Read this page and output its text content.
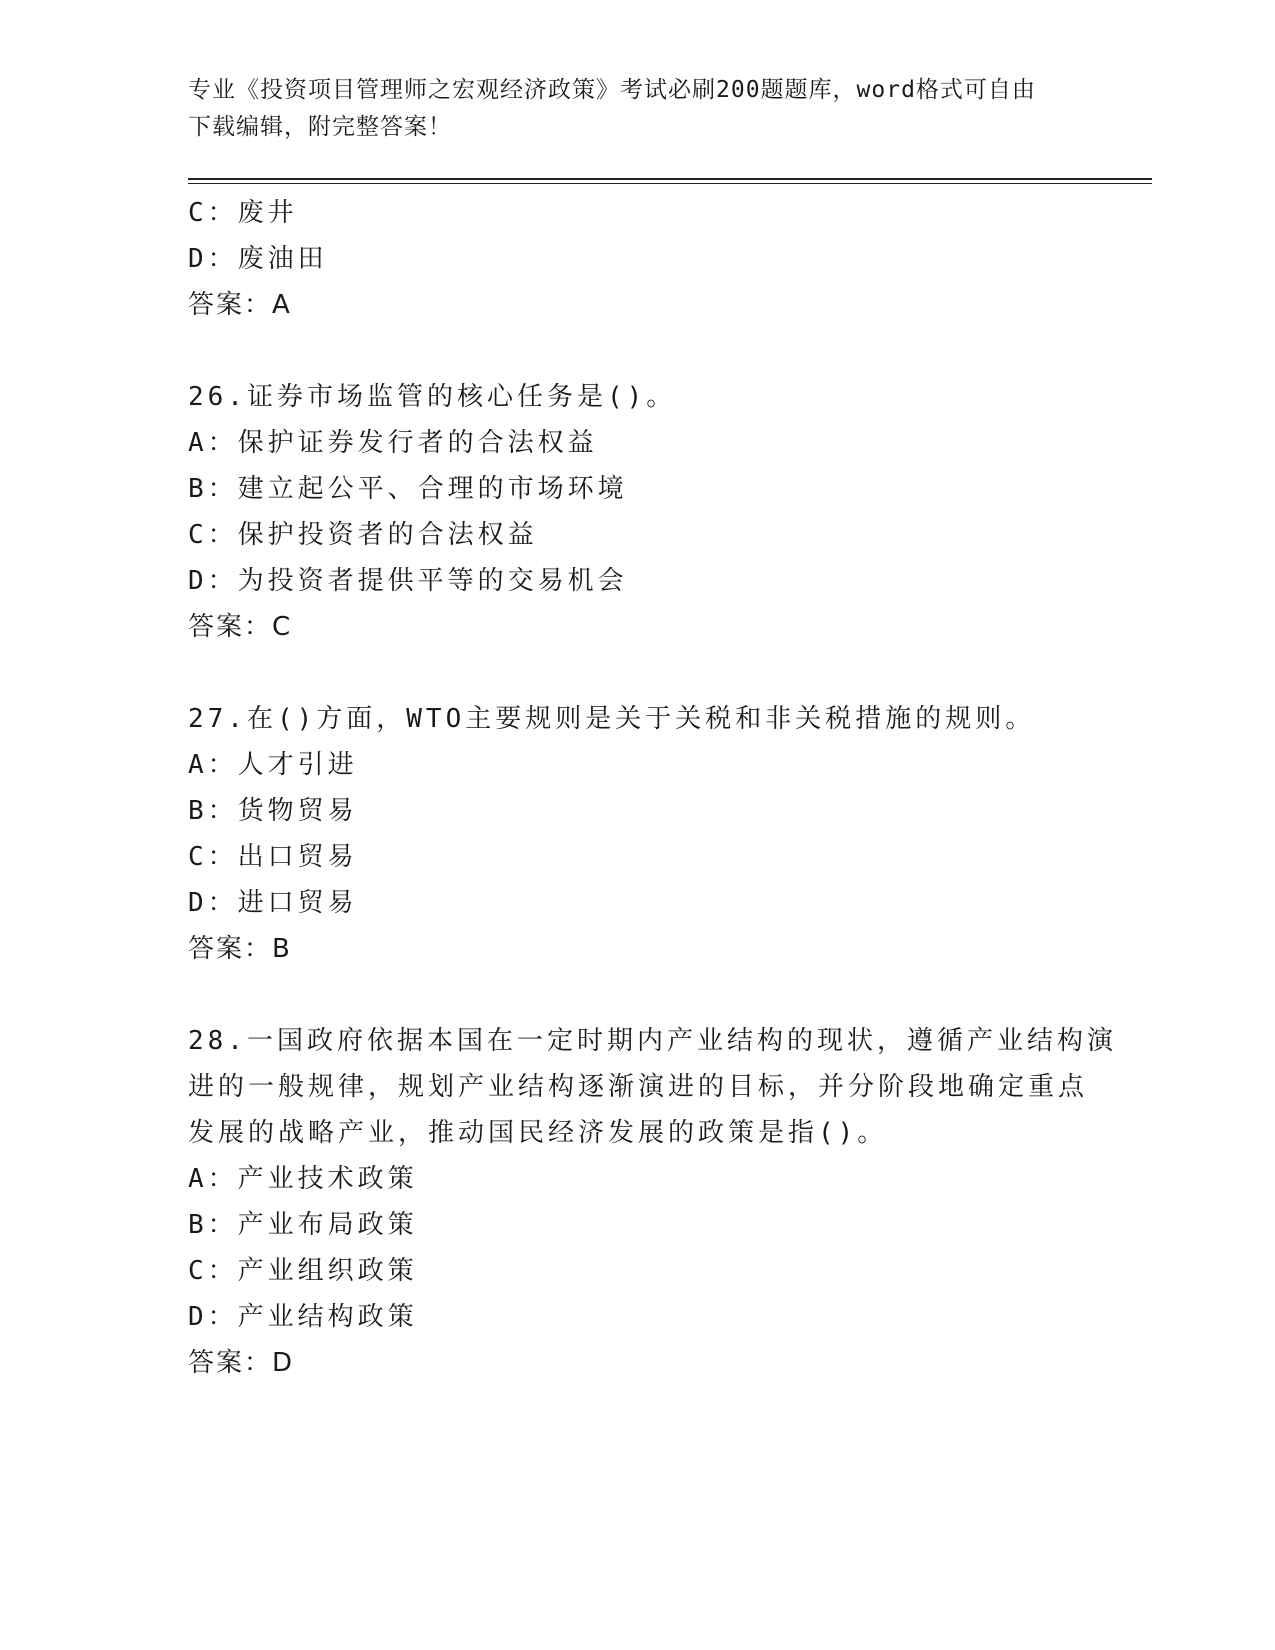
专业《投资项目管理师之宏观经济政策》考试必刷200题题库，word格式可自由
下载编辑，附完整答案！
C：废井
D：废油田
答案：A
26.证券市场监管的核心任务是()。
A：保护证券发行者的合法权益
B：建立起公平、合理的市场环境
C：保护投资者的合法权益
D：为投资者提供平等的交易机会
答案：C
27.在()方面，WTO主要规则是关于关税和非关税措施的规则。
A：人才引进
B：货物贸易
C：出口贸易
D：进口贸易
答案：B
28.一国政府依据本国在一定时期内产业结构的现状，遵循产业结构演
进的一般规律，规划产业结构逐渐演进的目标，并分阶段地确定重点
发展的战略产业，推动国民经济发展的政策是指()。
A：产业技术政策
B：产业布局政策
C：产业组织政策
D：产业结构政策
答案：D
